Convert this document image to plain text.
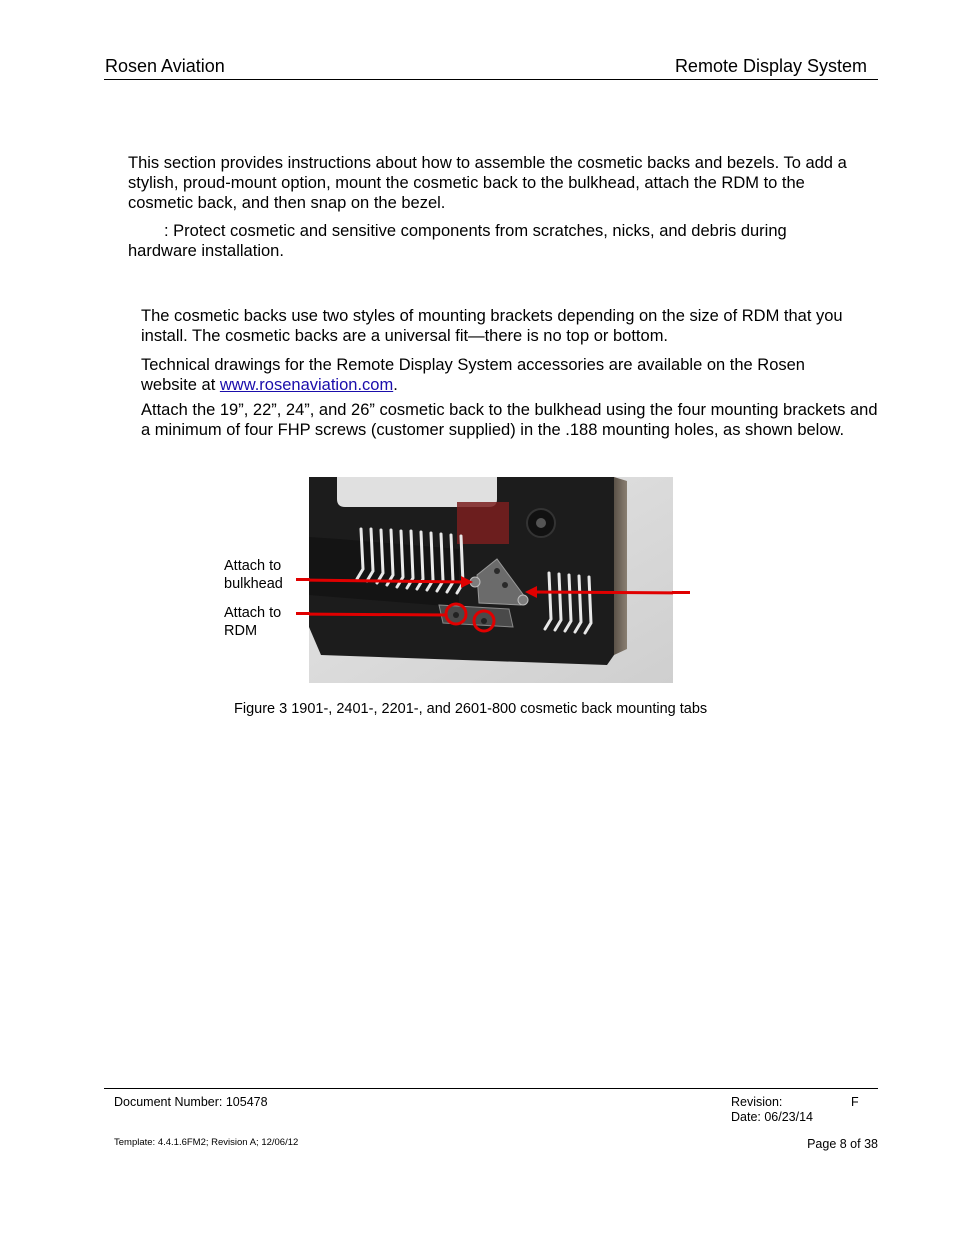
Rosen Aviation	Remote Display System
This section provides instructions about how to assemble the cosmetic backs and bezels. To add a stylish, proud-mount option, mount the cosmetic back to the bulkhead, attach the RDM to the cosmetic back, and then snap on the bezel.
: Protect cosmetic and sensitive components from scratches, nicks, and debris during hardware installation.
The cosmetic backs use two styles of mounting brackets depending on the size of RDM that you install. The cosmetic backs are a universal fit—there is no top or bottom.
Technical drawings for the Remote Display System accessories are available on the Rosen website at www.rosenaviation.com.
Attach the 19”, 22”, 24”, and 26” cosmetic back to the bulkhead using the four mounting brackets and a minimum of four FHP screws (customer supplied) in the .188 mounting holes, as shown below.
Attach to
bulkhead
Attach to
RDM
Figure 3 1901-, 2401-, 2201-, and 2601-800 cosmetic back mounting tabs
Document Number: 105478	Revision:	F
Date: 06/23/14
Template: 4.4.1.6FM2; Revision A; 12/06/12	Page 8 of 38
